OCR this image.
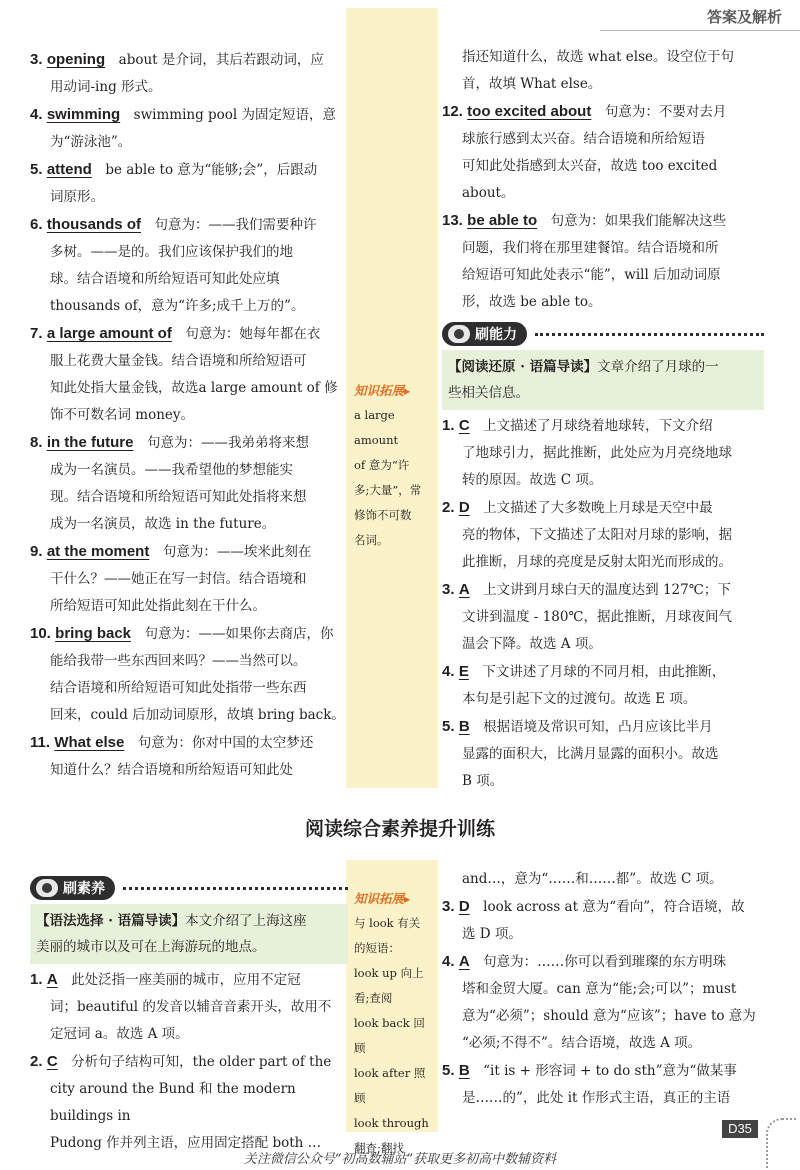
答案及解析
知识拓展▸
a large amount
of 意为“许
多;大量”，常
修饰不可数
名词。
知识拓展▸
与 look 有关
的短语：
look up 向上
看;查阅
look back 回顾
look after 照顾
look through
翻查;翻找
3. opening  about 是介词，其后若跟动词，应
用动词-ing 形式。
4. swimming  swimming pool 为固定短语，意
为“游泳池”。
5. attend  be able to 意为“能够;会”，后跟动
词原形。
6. thousands of  句意为：——我们需要种许
多树。——是的。我们应该保护我们的地
球。结合语境和所给短语可知此处应填
thousands of，意为“许多;成千上万的”。
7. a large amount of  句意为：她每年都在衣
服上花费大量金钱。结合语境和所给短语可
知此处指大量金钱，故选a large amount of 修
饰不可数名词 money。
8. in the future  句意为：——我弟弟将来想
成为一名演员。——我希望他的梦想能实
现。结合语境和所给短语可知此处指将来想
成为一名演员，故选 in the future。
9. at the moment  句意为：——埃米此刻在
干什么？——她正在写一封信。结合语境和
所给短语可知此处指此刻在干什么。
10. bring back  句意为：——如果你去商店，你
能给我带一些东西回来吗？——当然可以。
结合语境和所给短语可知此处指带一些东西
回来，could 后加动词原形，故填 bring back。
11. What else  句意为：你对中国的太空梦还
知道什么？结合语境和所给短语可知此处
指还知道什么，故选 what else。设空位于句
首，故填 What else。
12. too excited about  句意为：不要对去月
球旅行感到太兴奋。结合语境和所给短语
可知此处指感到太兴奋，故选 too excited
about。
13. be able to  句意为：如果我们能解决这些
问题，我们将在那里建餐馆。结合语境和所
给短语可知此处表示“能”，will 后加动词原
形，故选 be able to。
刷能力
【阅读还原 · 语篇导读】文章介绍了月球的一
些相关信息。
1. C  上文描述了月球绕着地球转，下文介绍
了地球引力，据此推断，此处应为月亮绕地球
转的原因。故选 C 项。
2. D  上文描述了大多数晚上月球是天空中最
亮的物体，下文描述了太阳对月球的影响，据
此推断，月球的亮度是反射太阳光而形成的。
3. A  上文讲到月球白天的温度达到 127℃；下
文讲到温度 - 180℃，据此推断，月球夜间气
温会下降。故选 A 项。
4. E  下文讲述了月球的不同月相，由此推断，
本句是引起下文的过渡句。故选 E 项。
5. B  根据语境及常识可知，凸月应该比半月
显露的面积大，比满月显露的面积小。故选
B 项。
阅读综合素养提升训练
刷素养
【语法选择 · 语篇导读】本文介绍了上海这座
美丽的城市以及可在上海游玩的地点。
1. A  此处泛指一座美丽的城市，应用不定冠
词；beautiful 的发音以辅音音素开头，故用不
定冠词 a。故选 A 项。
2. C  分析句子结构可知，the older part of the
city around the Bund 和 the modern buildings in
Pudong 作并列主语，应用固定搭配 both …
and…，意为“……和……都”。故选 C 项。
3. D  look across at 意为“看向”，符合语境，故
选 D 项。
4. A  句意为：……你可以看到璀璨的东方明珠
塔和金贸大厦。can 意为“能;会;可以”；must
意为“必须”；should 意为“应该”；have to 意为
“必须;不得不”。结合语境，故选 A 项。
5. B  “it is + 形容词 + to do sth”意为“做某事
是……的”，此处 it 作形式主语，真正的主语
D35
关注微信公众号“初高数辅站”获取更多初高中数辅资料
